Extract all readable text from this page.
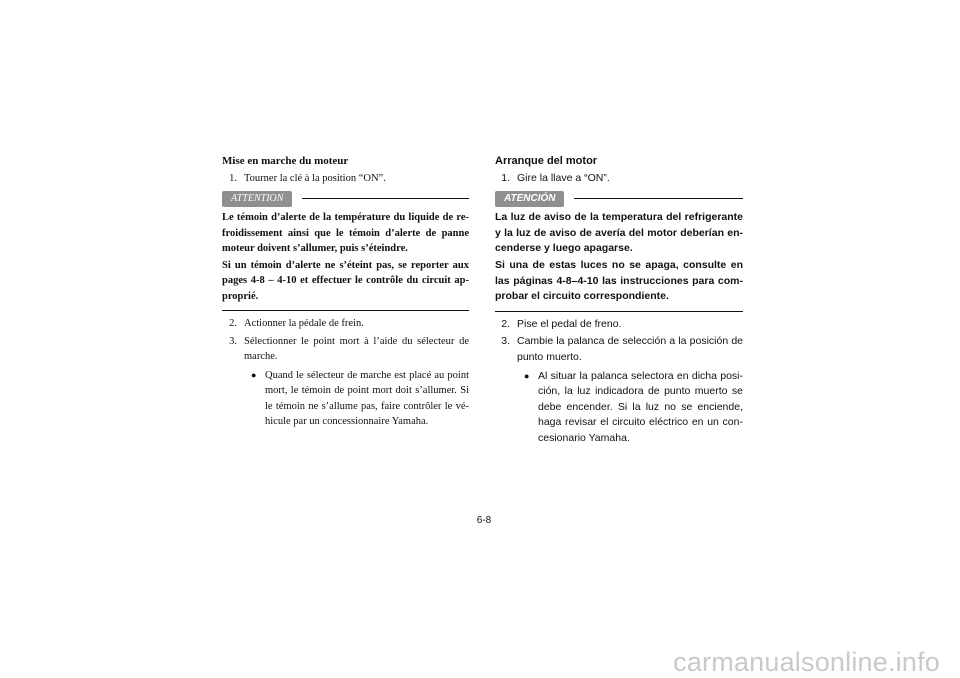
Mise en marche du moteur
1. Tourner la clé à la position “ON”.
ATTENTION

Le témoin d’alerte de la température du liquide de re-froidissement ainsi que le témoin d’alerte de panne moteur doivent s’allumer, puis s’éteindre.

Si un témoin d’alerte ne s’éteint pas, se reporter aux pages 4-8 – 4-10 et effectuer le contrôle du circuit ap-proprié.

2. Actionner la pédale de frein.
3. Sélectionner le point mort à l’aide du sélecteur de marche.
● Quand le sélecteur de marche est placé au point mort, le témoin de point mort doit s’allumer. Si le témoin ne s’allume pas, faire contrôler le vé-hicule par un concessionnaire Yamaha.
Arranque del motor
1. Gire la llave a “ON”.
ATENCIÓN

La luz de aviso de la temperatura del refrigerante y la luz de aviso de avería del motor deberían en-cenderse y luego apagarse.

Si una de estas luces no se apaga, consulte en las páginas 4-8–4-10 las instrucciones para com-probar el circuito correspondiente.

2. Pise el pedal de freno.
3. Cambie la palanca de selección a la posición de punto muerto.
● Al situar la palanca selectora en dicha posi-ción, la luz indicadora de punto muerto se debe encender. Si la luz no se enciende, haga revisar el circuito eléctrico en un con-cesionario Yamaha.
6-8
carmanualsonline.info
